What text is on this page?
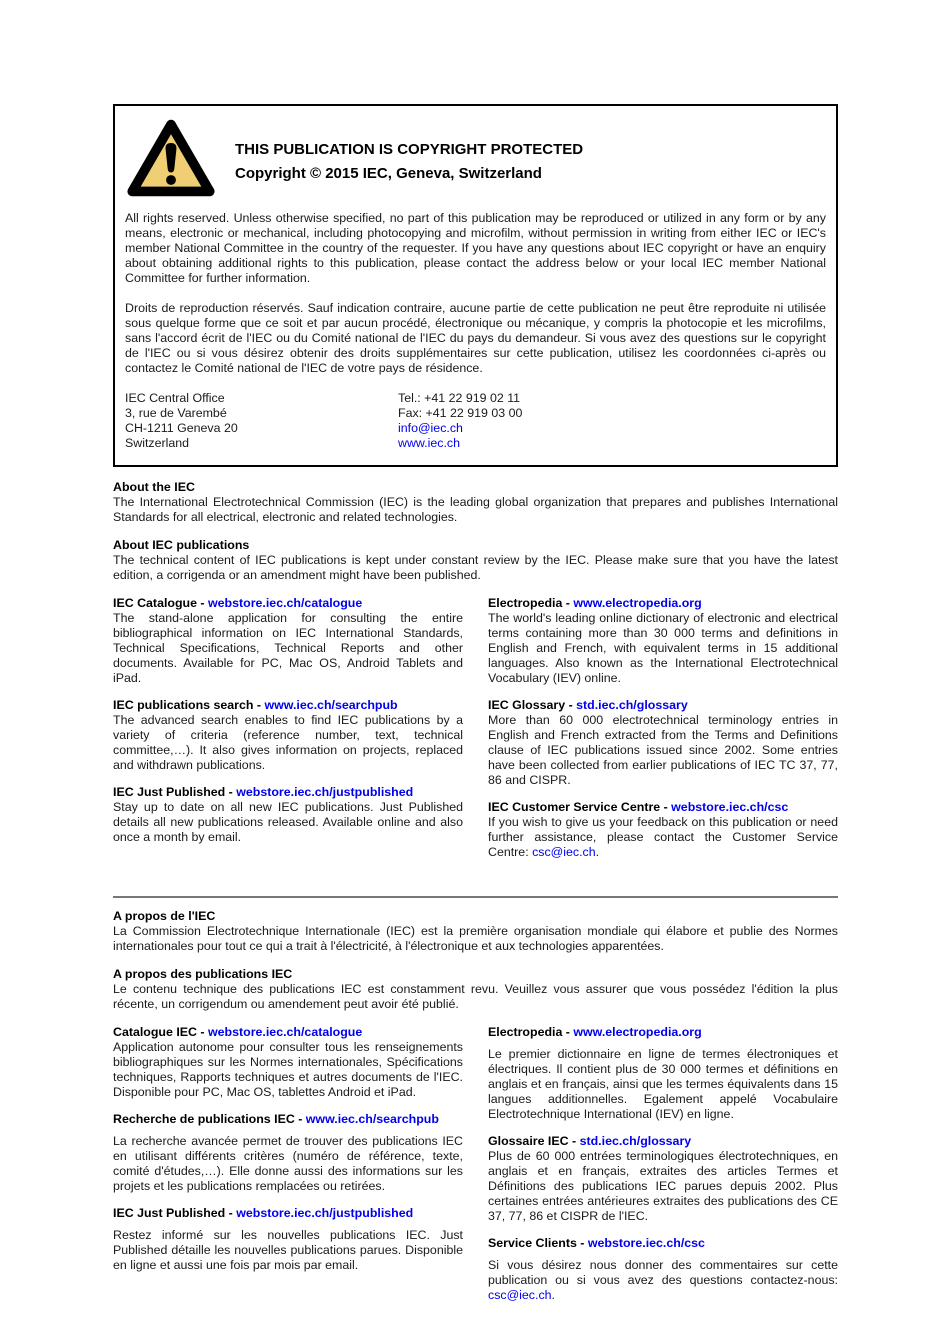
THIS PUBLICATION IS COPYRIGHT PROTECTED
Copyright © 2015 IEC, Geneva, Switzerland

All rights reserved. Unless otherwise specified, no part of this publication may be reproduced or utilized in any form or by any means, electronic or mechanical, including photocopying and microfilm, without permission in writing from either IEC or IEC's member National Committee in the country of the requester. If you have any questions about IEC copyright or have an enquiry about obtaining additional rights to this publication, please contact the address below or your local IEC member National Committee for further information.

Droits de reproduction réservés. Sauf indication contraire, aucune partie de cette publication ne peut être reproduite ni utilisée sous quelque forme que ce soit et par aucun procédé, électronique ou mécanique, y compris la photocopie et les microfilms, sans l'accord écrit de l'IEC ou du Comité national de l'IEC du pays du demandeur. Si vous avez des questions sur le copyright de l'IEC ou si vous désirez obtenir des droits supplémentaires sur cette publication, utilisez les coordonnées ci-après ou contactez le Comité national de l'IEC de votre pays de résidence.

IEC Central Office
3, rue de Varembé
CH-1211 Geneva 20
Switzerland
Tel.: +41 22 919 02 11
Fax: +41 22 919 03 00
info@iec.ch
www.iec.ch
About the IEC

The International Electrotechnical Commission (IEC) is the leading global organization that prepares and publishes International Standards for all electrical, electronic and related technologies.

About IEC publications

The technical content of IEC publications is kept under constant review by the IEC. Please make sure that you have the latest edition, a corrigenda or an amendment might have been published.

IEC Catalogue - webstore.iec.ch/catalogue

The stand-alone application for consulting the entire bibliographical information on IEC International Standards, Technical Specifications, Technical Reports and other documents. Available for PC, Mac OS, Android Tablets and iPad.

IEC publications search - www.iec.ch/searchpub

The advanced search enables to find IEC publications by a variety of criteria (reference number, text, technical committee,…). It also gives information on projects, replaced and withdrawn publications.

IEC Just Published - webstore.iec.ch/justpublished

Stay up to date on all new IEC publications. Just Published details all new publications released. Available online and also once a month by email.

Electropedia - www.electropedia.org

The world's leading online dictionary of electronic and electrical terms containing more than 30 000 terms and definitions in English and French, with equivalent terms in 15 additional languages. Also known as the International Electrotechnical Vocabulary (IEV) online.

IEC Glossary - std.iec.ch/glossary

More than 60 000 electrotechnical terminology entries in English and French extracted from the Terms and Definitions clause of IEC publications issued since 2002. Some entries have been collected from earlier publications of IEC TC 37, 77, 86 and CISPR.

IEC Customer Service Centre - webstore.iec.ch/csc

If you wish to give us your feedback on this publication or need further assistance, please contact the Customer Service Centre: csc@iec.ch.

A propos de l'IEC

La Commission Electrotechnique Internationale (IEC) est la première organisation mondiale qui élabore et publie des Normes internationales pour tout ce qui a trait à l'électricité, à l'électronique et aux technologies apparentées.

A propos des publications IEC

Le contenu technique des publications IEC est constamment revu. Veuillez vous assurer que vous possédez l'édition la plus récente, un corrigendum ou amendement peut avoir été publié.

Catalogue IEC - webstore.iec.ch/catalogue

Application autonome pour consulter tous les renseignements bibliographiques sur les Normes internationales, Spécifications techniques, Rapports techniques et autres documents de l'IEC. Disponible pour PC, Mac OS, tablettes Android et iPad.

Recherche de publications IEC - www.iec.ch/searchpub

La recherche avancée permet de trouver des publications IEC en utilisant différents critères (numéro de référence, texte, comité d'études,…). Elle donne aussi des informations sur les projets et les publications remplacées ou retirées.

IEC Just Published - webstore.iec.ch/justpublished

Restez informé sur les nouvelles publications IEC. Just Published détaille les nouvelles publications parues. Disponible en ligne et aussi une fois par mois par email.

Electropedia - www.electropedia.org

Le premier dictionnaire en ligne de termes électroniques et électriques. Il contient plus de 30 000 termes et définitions en anglais et en français, ainsi que les termes équivalents dans 15 langues additionnelles. Egalement appelé Vocabulaire Electrotechnique International (IEV) en ligne.

Glossaire IEC - std.iec.ch/glossary

Plus de 60 000 entrées terminologiques électrotechniques, en anglais et en français, extraites des articles Termes et Définitions des publications IEC parues depuis 2002. Plus certaines entrées antérieures extraites des publications des CE 37, 77, 86 et CISPR de l'IEC.

Service Clients - webstore.iec.ch/csc

Si vous désirez nous donner des commentaires sur cette publication ou si vous avez des questions contactez-nous: csc@iec.ch.
